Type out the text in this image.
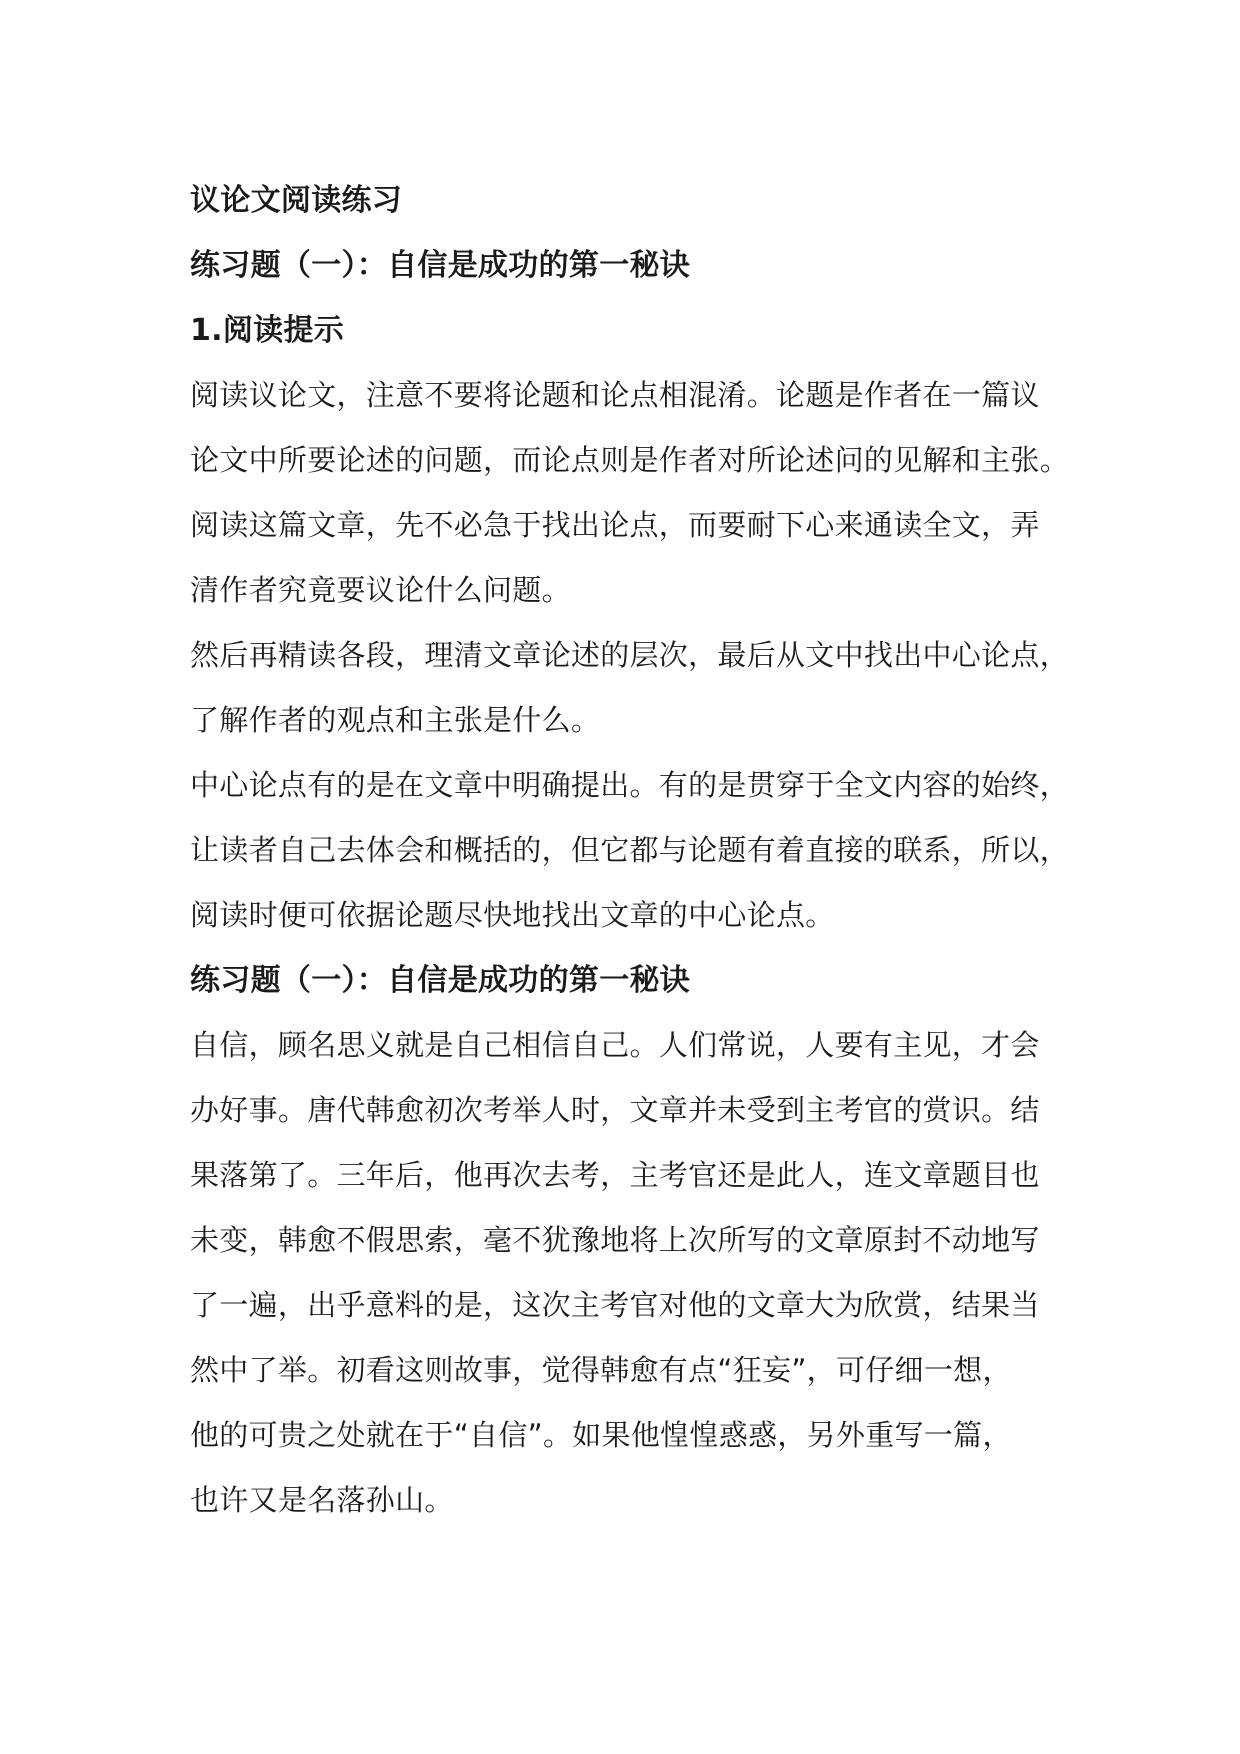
议论文阅读练习
练习题（一）：自信是成功的第一秘诀
1.阅读提示
阅读议论文，注意不要将论题和论点相混淆。论题是作者在一篇议
论文中所要论述的问题，而论点则是作者对所论述问的见解和主张。
阅读这篇文章，先不必急于找出论点，而要耐下心来通读全文，弄
清作者究竟要议论什么问题。
然后再精读各段，理清文章论述的层次，最后从文中找出中心论点，
了解作者的观点和主张是什么。
中心论点有的是在文章中明确提出。有的是贯穿于全文内容的始终，
让读者自己去体会和概括的，但它都与论题有着直接的联系，所以，
阅读时便可依据论题尽快地找出文章的中心论点。
练习题（一）：自信是成功的第一秘诀
自信，顾名思义就是自己相信自己。人们常说，人要有主见，才会
办好事。唐代韩愈初次考举人时，文章并未受到主考官的赏识。结
果落第了。三年后，他再次去考，主考官还是此人，连文章题目也
未变，韩愈不假思索，毫不犹豫地将上次所写的文章原封不动地写
了一遍，出乎意料的是，这次主考官对他的文章大为欣赏，结果当
然中了举。初看这则故事，觉得韩愈有点“狂妄”，可仔细一想，
他的可贵之处就在于“自信”。如果他惶惶惑惑，另外重写一篇，
也许又是名落孙山。
